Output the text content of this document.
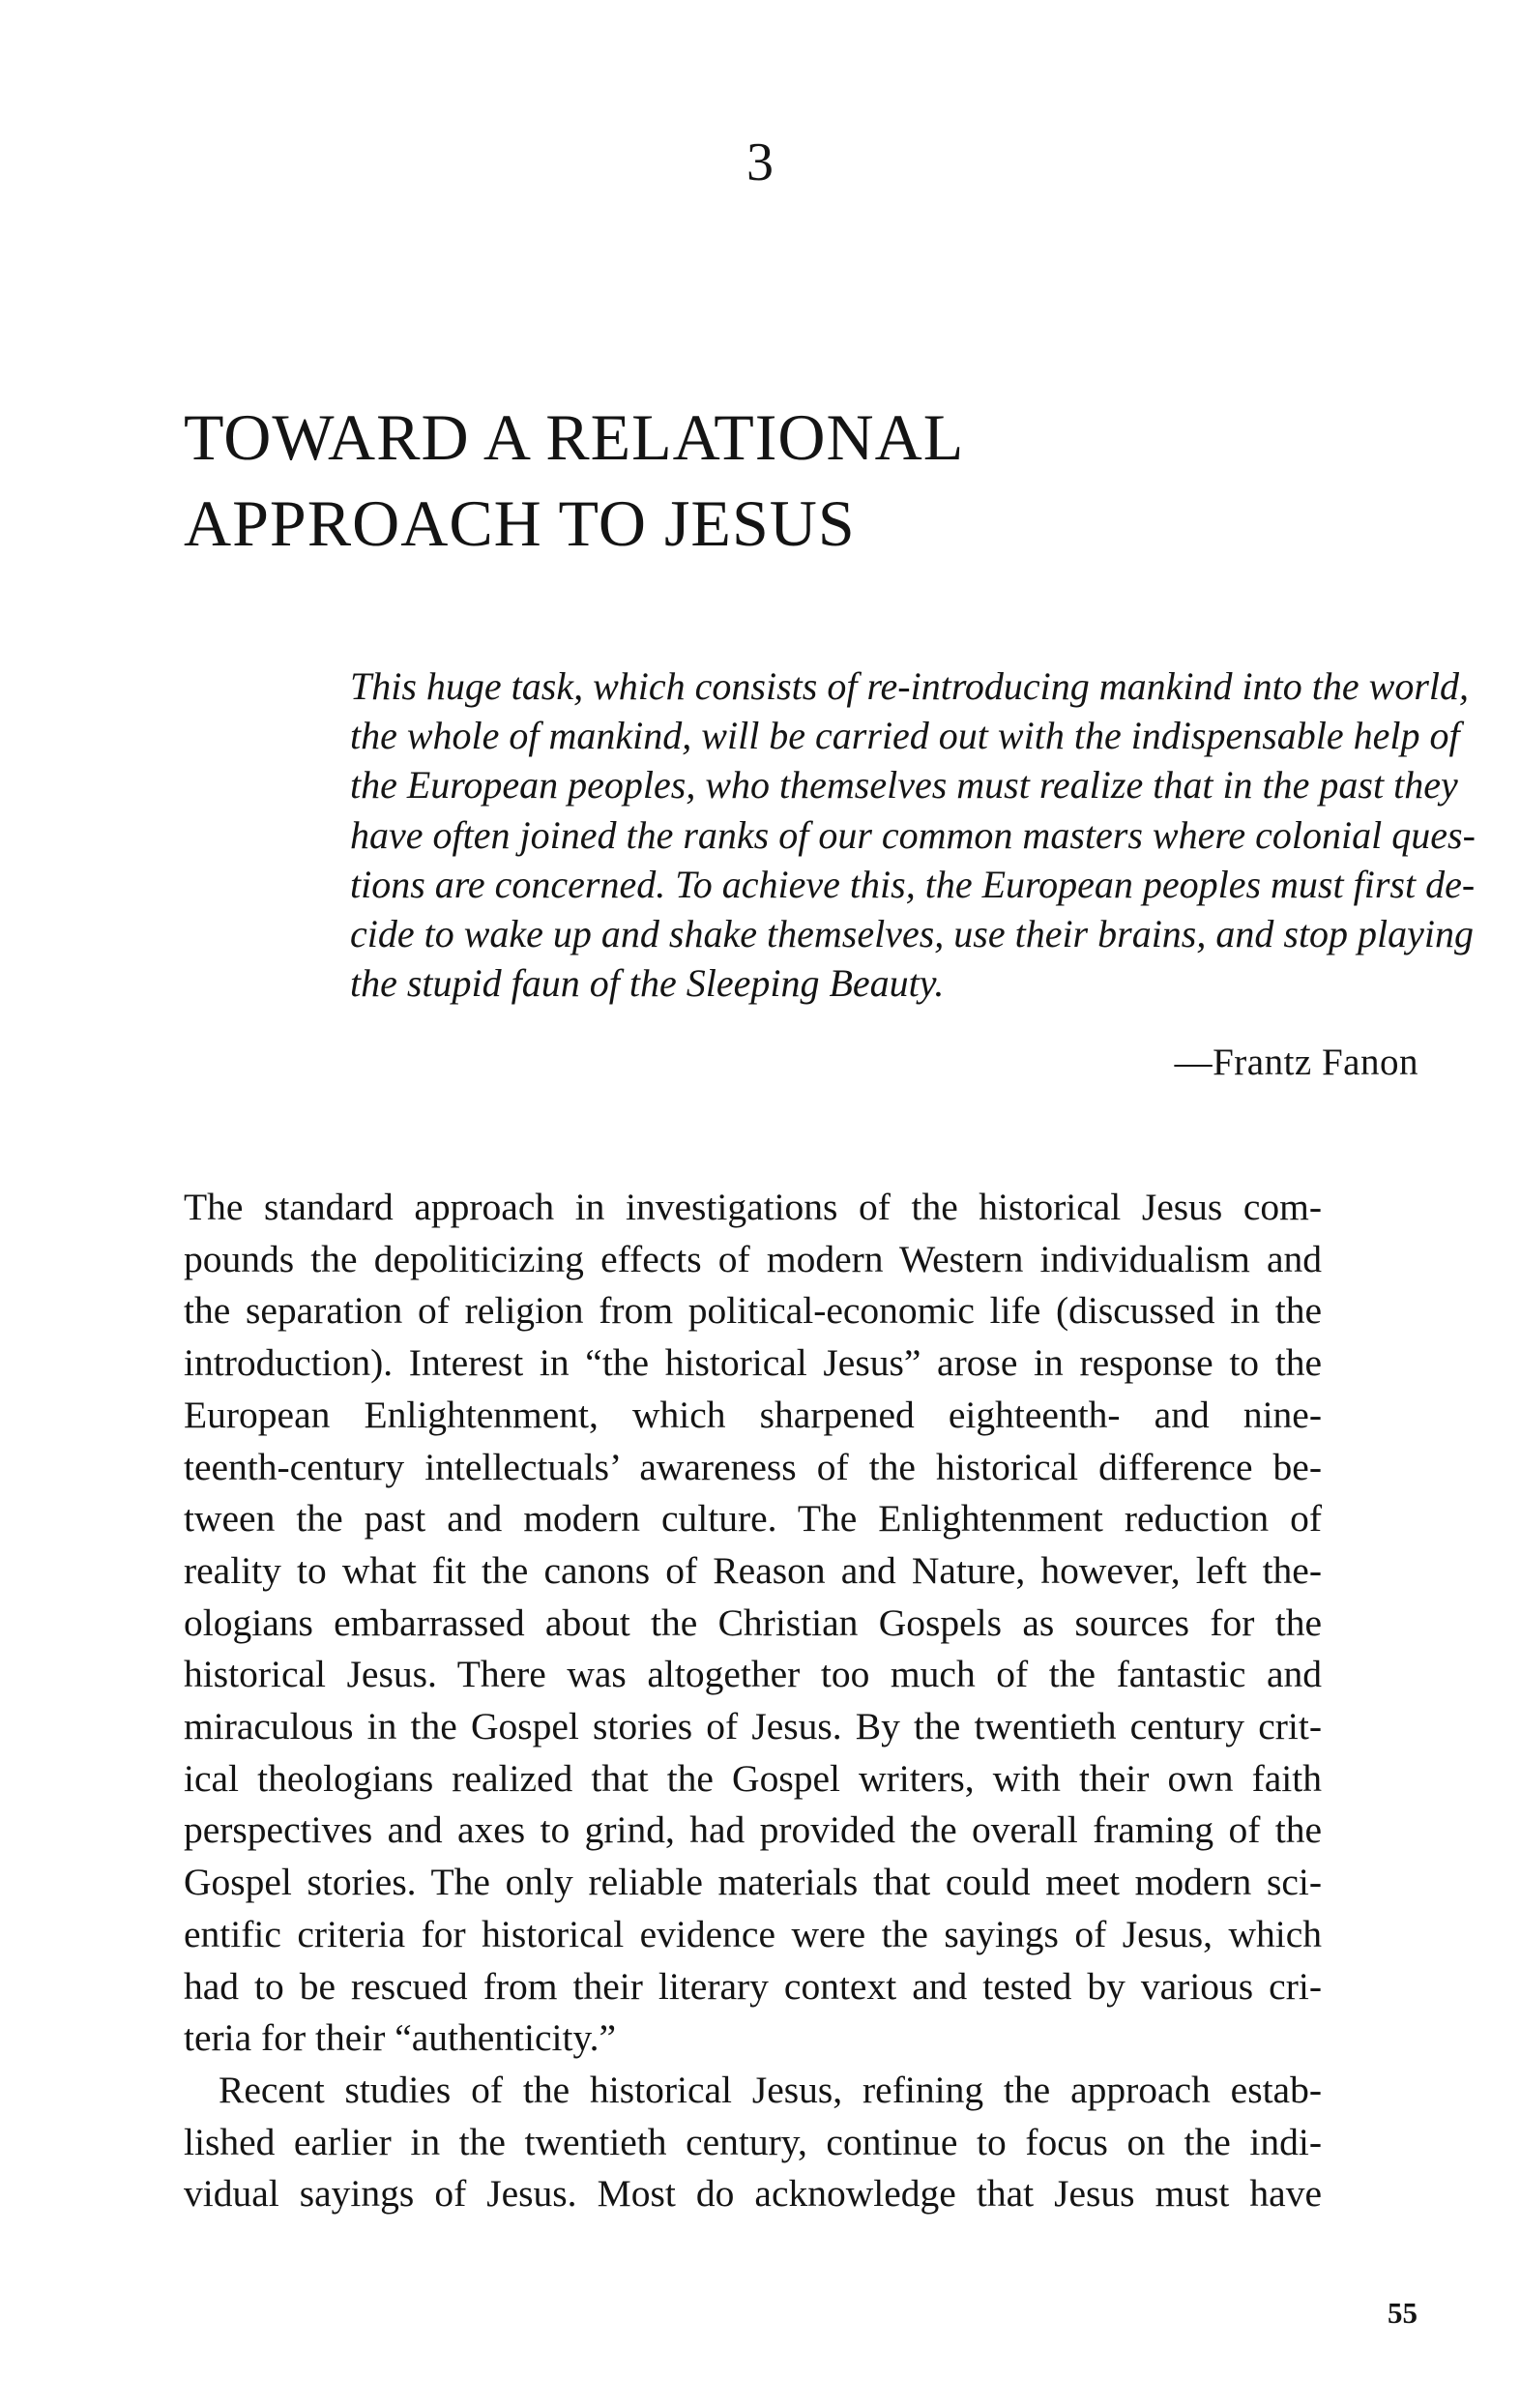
3
TOWARD A RELATIONAL
APPROACH TO JESUS
This huge task, which consists of re-introducing mankind into the world,
the whole of mankind, will be carried out with the indispensable help of
the European peoples, who themselves must realize that in the past they
have often joined the ranks of our common masters where colonial ques-
tions are concerned. To achieve this, the European peoples must first de-
cide to wake up and shake themselves, use their brains, and stop playing
the stupid faun of the Sleeping Beauty.
—Frantz Fanon
The standard approach in investigations of the historical Jesus com-
pounds the depoliticizing effects of modern Western individualism and
the separation of religion from political-economic life (discussed in the
introduction). Interest in “the historical Jesus” arose in response to the
European Enlightenment, which sharpened eighteenth- and nine-
teenth-century intellectuals’ awareness of the historical difference be-
tween the past and modern culture. The Enlightenment reduction of
reality to what fit the canons of Reason and Nature, however, left the-
ologians embarrassed about the Christian Gospels as sources for the
historical Jesus. There was altogether too much of the fantastic and
miraculous in the Gospel stories of Jesus. By the twentieth century crit-
ical theologians realized that the Gospel writers, with their own faith
perspectives and axes to grind, had provided the overall framing of the
Gospel stories. The only reliable materials that could meet modern sci-
entific criteria for historical evidence were the sayings of Jesus, which
had to be rescued from their literary context and tested by various cri-
teria for their “authenticity.”
Recent studies of the historical Jesus, refining the approach estab-
lished earlier in the twentieth century, continue to focus on the indi-
vidual sayings of Jesus. Most do acknowledge that Jesus must have
55
